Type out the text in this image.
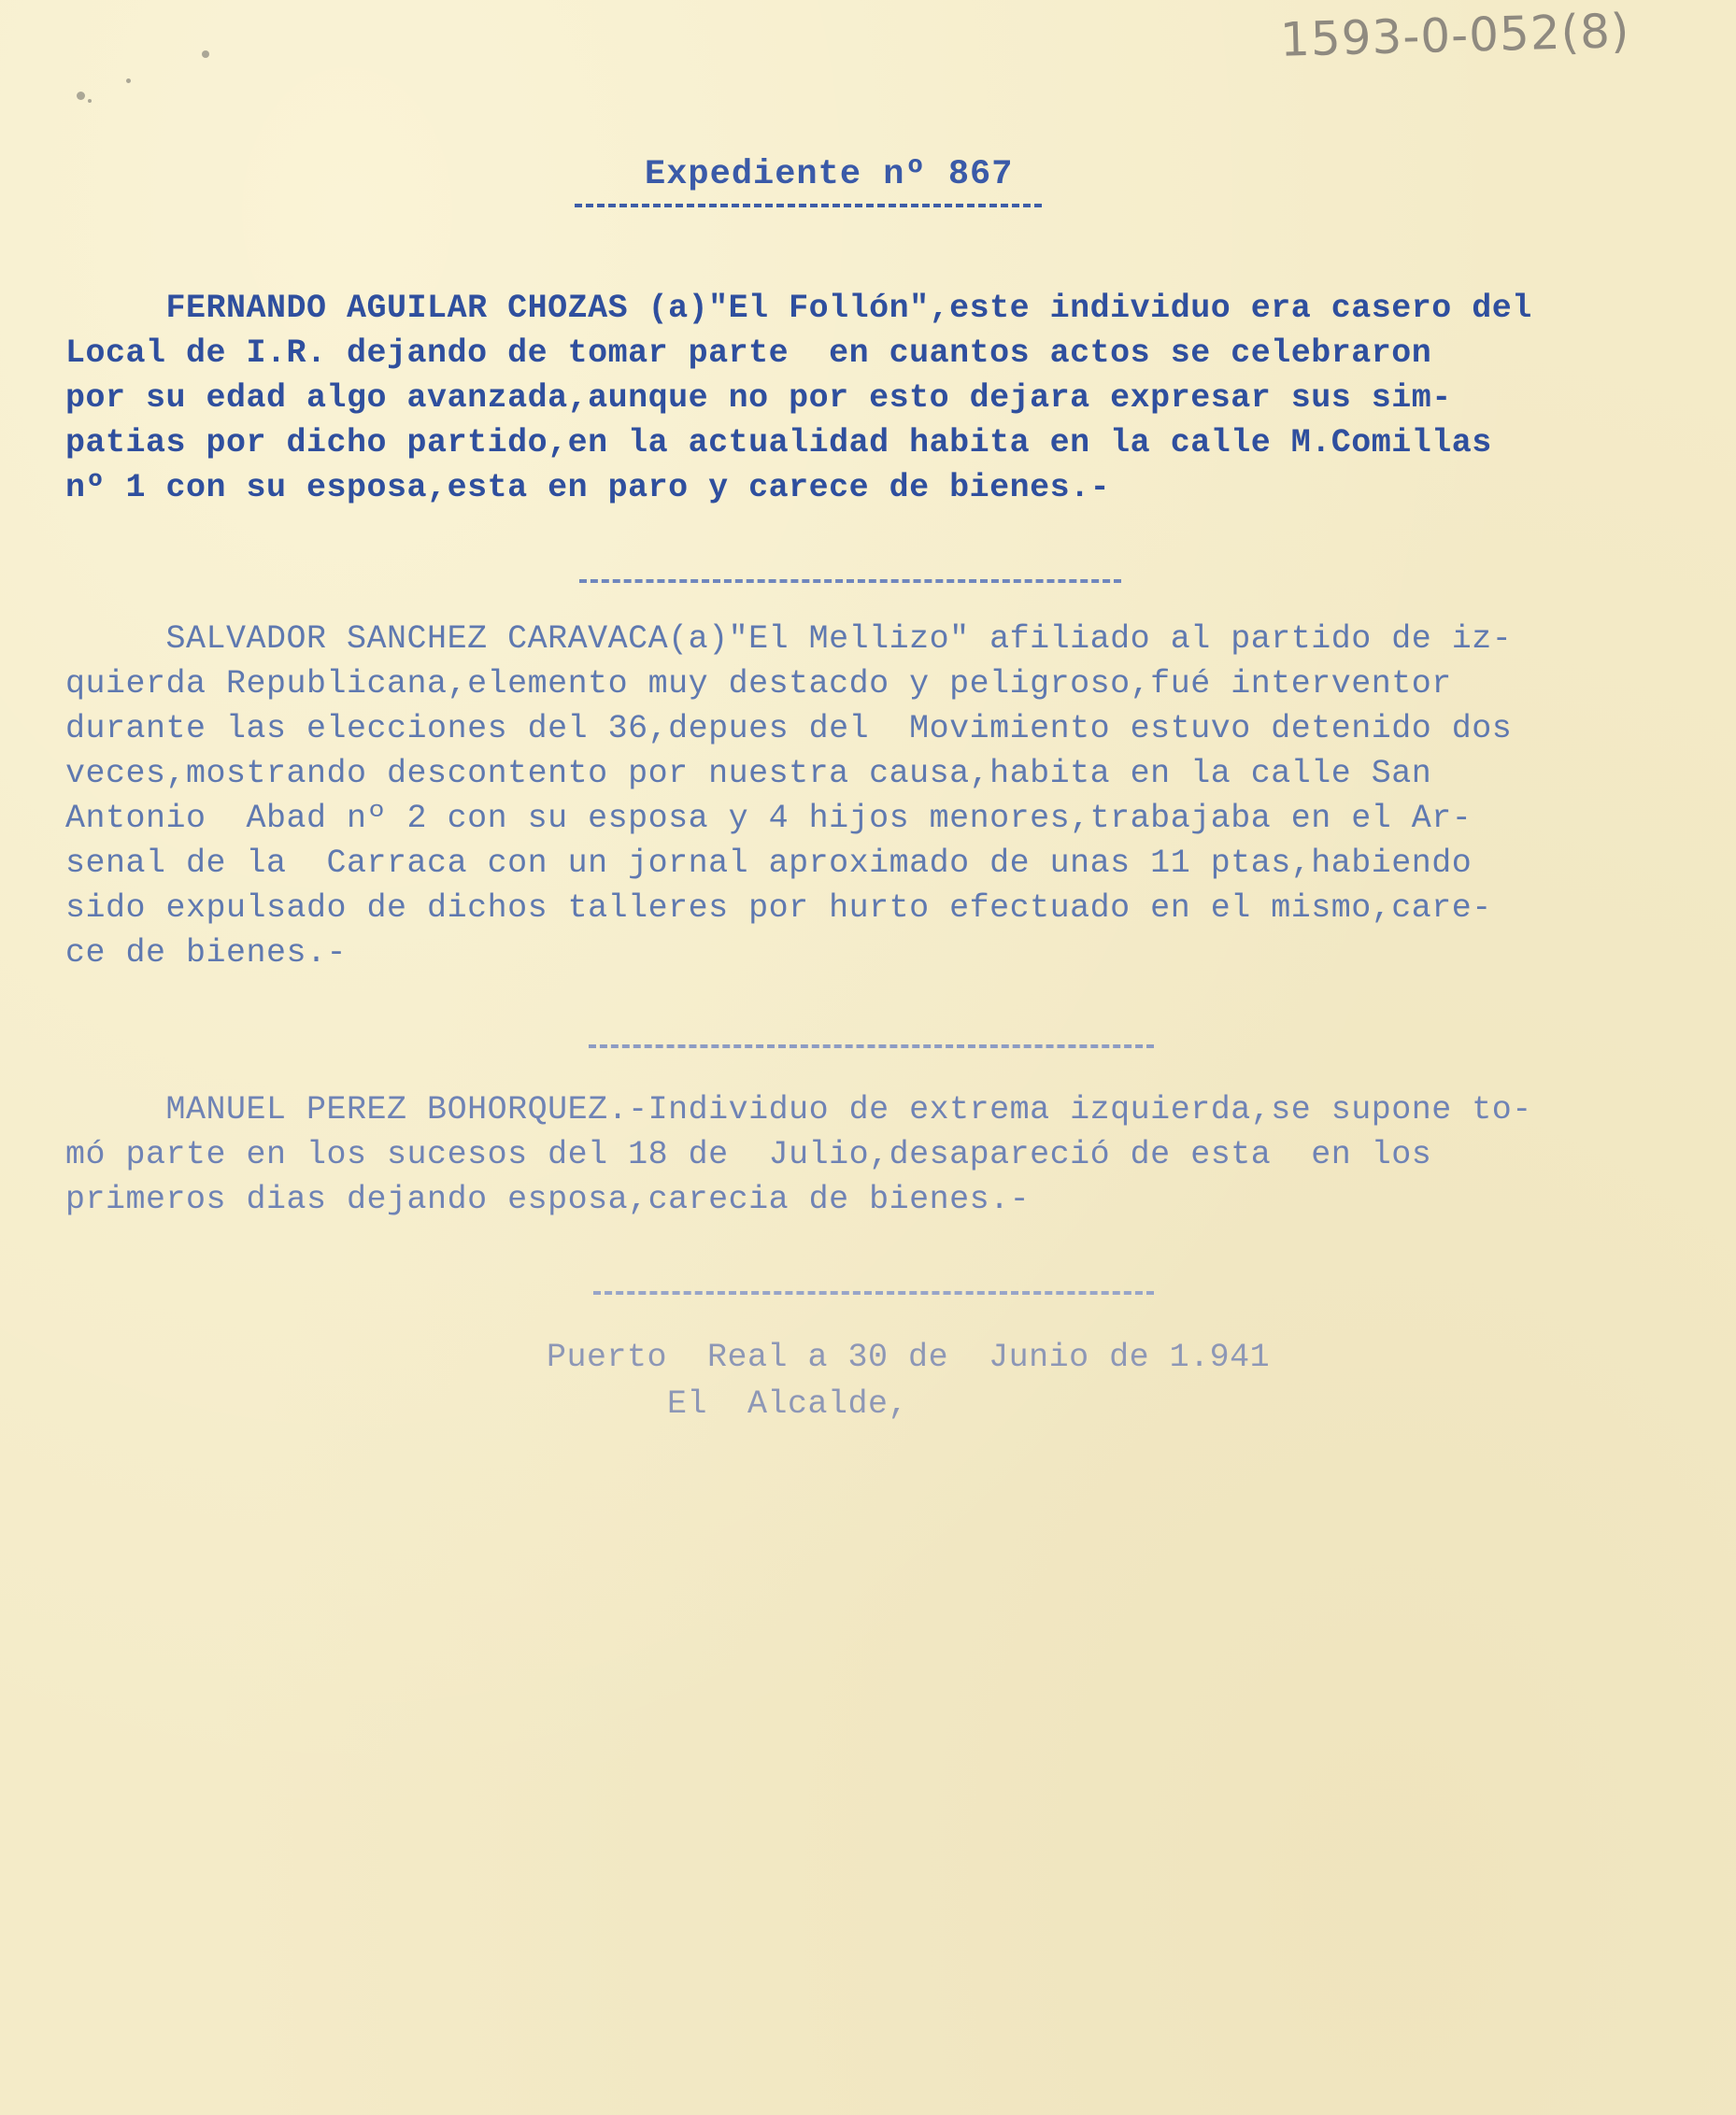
1593-0-052(8)
Expediente nº 867
FERNANDO AGUILAR CHOZAS (a)"El Follón",este individuo era casero del
Local de I.R. dejando de tomar parte  en cuantos actos se celebraron
por su edad algo avanzada,aunque no por esto dejara expresar sus sim-
patias por dicho partido,en la actualidad habita en la calle M.Comillas
nº 1 con su esposa,esta en paro y carece de bienes.-
SALVADOR SANCHEZ CARAVACA(a)"El Mellizo" afiliado al partido de iz-
quierda Republicana,elemento muy destacdo y peligroso,fué interventor
durante las elecciones del 36,depues del  Movimiento estuvo detenido dos
veces,mostrando descontento por nuestra causa,habita en la calle San
Antonio  Abad nº 2 con su esposa y 4 hijos menores,trabajaba en el Ar-
senal de la  Carraca con un jornal aproximado de unas 11 ptas,habiendo
sido expulsado de dichos talleres por hurto efectuado en el mismo,care-
ce de bienes.-
MANUEL PEREZ BOHORQUEZ.-Individuo de extrema izquierda,se supone to-
mó parte en los sucesos del 18 de  Julio,desapareció de esta  en los
primeros dias dejando esposa,carecia de bienes.-
Puerto  Real a 30 de  Junio de 1.941
El  Alcalde,
